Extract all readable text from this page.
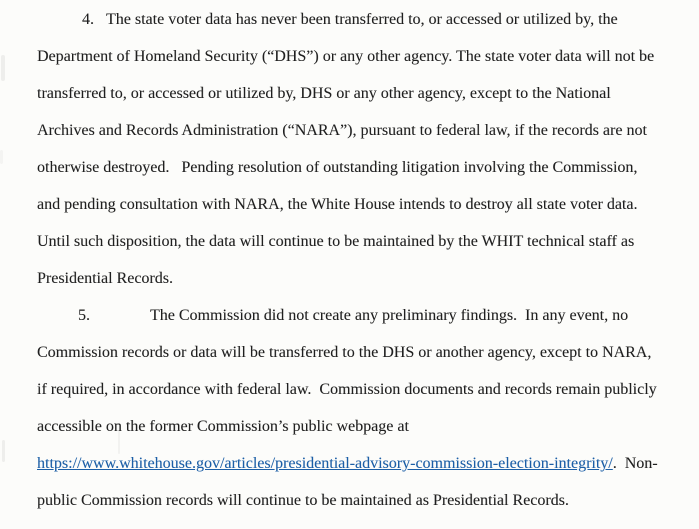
4. The state voter data has never been transferred to, or accessed or utilized by, the
Department of Homeland Security (“DHS”) or any other agency. The state voter data will not be
transferred to, or accessed or utilized by, DHS or any other agency, except to the National
Archives and Records Administration (“NARA”), pursuant to federal law, if the records are not
otherwise destroyed.   Pending resolution of outstanding litigation involving the Commission,
and pending consultation with NARA, the White House intends to destroy all state voter data.
Until such disposition, the data will continue to be maintained by the WHIT technical staff as
Presidential Records.
5.	The Commission did not create any preliminary findings.  In any event, no
Commission records or data will be transferred to the DHS or another agency, except to NARA,
if required, in accordance with federal law.  Commission documents and records remain publicly
accessible on the former Commission’s public webpage at
https://www.whitehouse.gov/articles/presidential-advisory-commission-election-integrity/.  Non-
public Commission records will continue to be maintained as Presidential Records.
